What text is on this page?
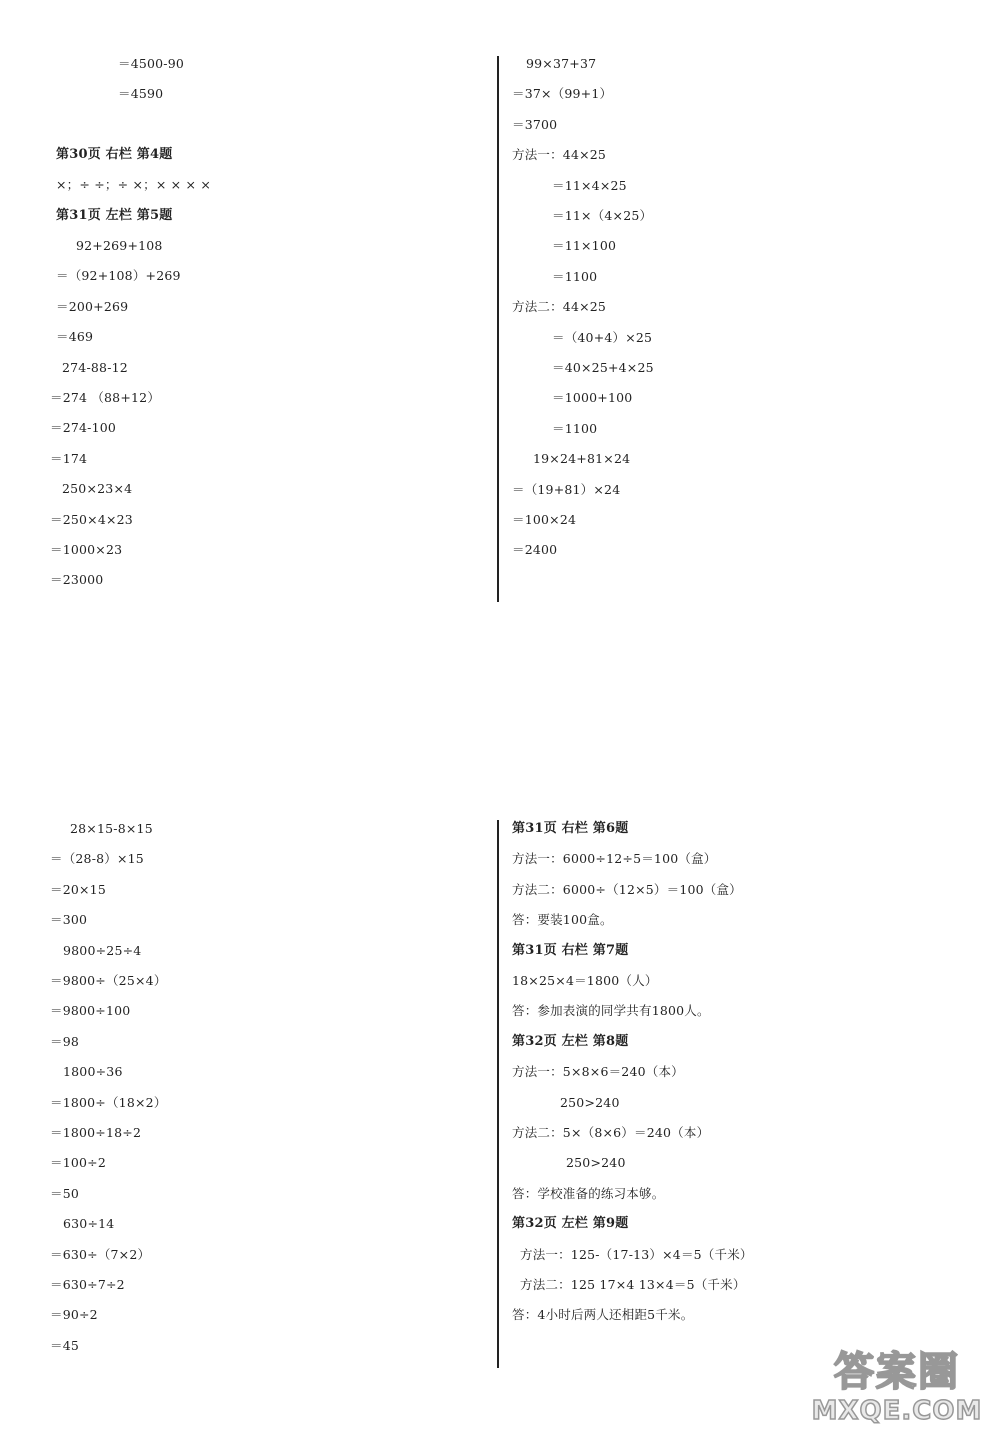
＝4500-90
＝4590
第30页 右栏 第4题
×；÷ ÷；÷ ×；× × × ×
第31页 左栏 第5题
92+269+108
＝（92+108）+269
＝200+269
＝469
274-88-12
＝274 （88+12）
＝274-100
＝174
250×23×4
＝250×4×23
＝1000×23
＝23000
99×37+37
＝37×（99+1）
＝3700
方法一：44×25
＝11×4×25
＝11×（4×25）
＝11×100
＝1100
方法二：44×25
＝（40+4）×25
＝40×25+4×25
＝1000+100
＝1100
19×24+81×24
＝（19+81）×24
＝100×24
＝2400
28×15-8×15
＝（28-8）×15
＝20×15
＝300
9800÷25÷4
＝9800÷（25×4）
＝9800÷100
＝98
1800÷36
＝1800÷（18×2）
＝1800÷18÷2
＝100÷2
＝50
630÷14
＝630÷（7×2）
＝630÷7÷2
＝90÷2
＝45
第31页 右栏 第6题
方法一：6000÷12÷5＝100（盒）
方法二：6000÷（12×5）＝100（盒）
答：要装100盒。
第31页 右栏 第7题
18×25×4＝1800（人）
答：参加表演的同学共有1800人。
第32页 左栏 第8题
方法一：5×8×6＝240（本）
250>240
方法二：5×（8×6）＝240（本）
250>240
答：学校准备的练习本够。
第32页 左栏 第9题
方法一：125-（17-13）×4＝5（千米）
方法二：125 17×4 13×4＝5（千米）
答：4小时后两人还相距5千米。
答案圈
MXQE.COM
